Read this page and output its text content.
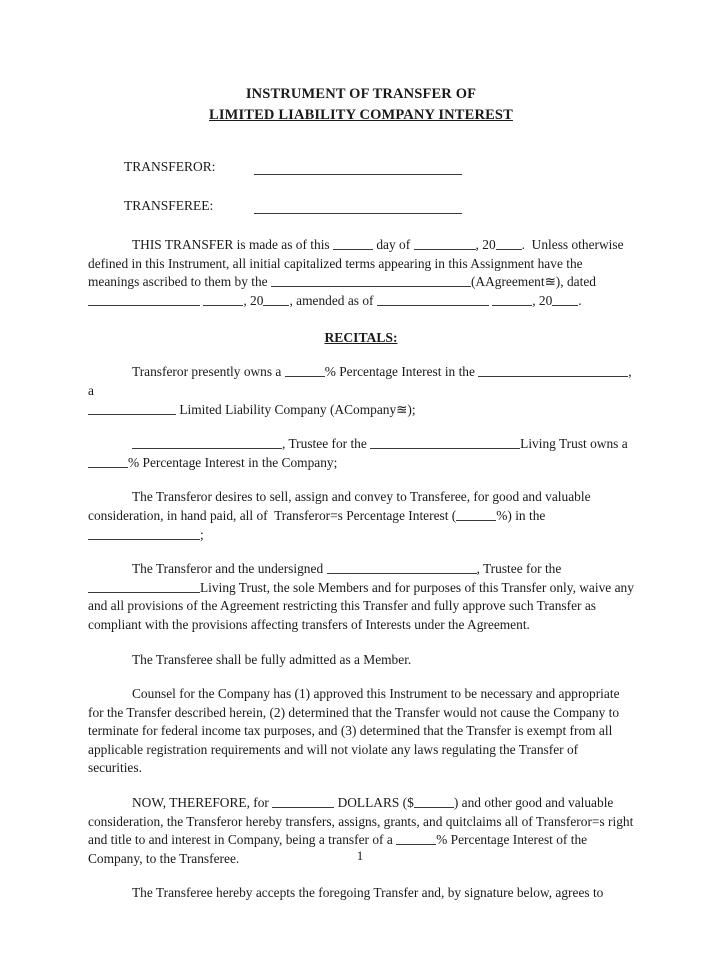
INSTRUMENT OF TRANSFER OF
LIMITED LIABILITY COMPANY INTEREST
TRANSFEROR:
TRANSFEREE:

THIS TRANSFER is made as of this	day of	, 20 .  Unless otherwise defined in this Instrument, all initial capitalized terms appearing in this Assignment have the meanings ascribed to them by the	(AAgreement≊), dated
, 20 , amended as of	, 20 .

RECITALS:

Transferor presently owns a	% Percentage Interest in the	, a
Limited Liability Company (ACompany≊);

, Trustee for the	Living Trust owns a % Percentage Interest in the Company;

The Transferor desires to sell, assign and convey to Transferee, for good and valuable consideration, in hand paid, all of  Transferor=s Percentage Interest (	%) in the
;

The Transferor and the undersigned	, Trustee for the
Living Trust, the sole Members and for purposes of this Transfer only, waive any and all provisions of the Agreement restricting this Transfer and fully approve such Transfer as compliant with the provisions affecting transfers of Interests under the Agreement.

The Transferee shall be fully admitted as a Member.

Counsel for the Company has (1) approved this Instrument to be necessary and appropriate for the Transfer described herein, (2) determined that the Transfer would not cause the Company to terminate for federal income tax purposes, and (3) determined that the Transfer is exempt from all applicable registration requirements and will not violate any laws regulating the Transfer of securities.

NOW, THEREFORE, for	DOLLARS ($	) and other good and valuable consideration, the Transferor hereby transfers, assigns, grants, and quitclaims all of Transferor=s right and title to and interest in Company, being a transfer of a	% Percentage Interest of the Company, to the Transferee.

The Transferee hereby accepts the foregoing Transfer and, by signature below, agrees to

1
